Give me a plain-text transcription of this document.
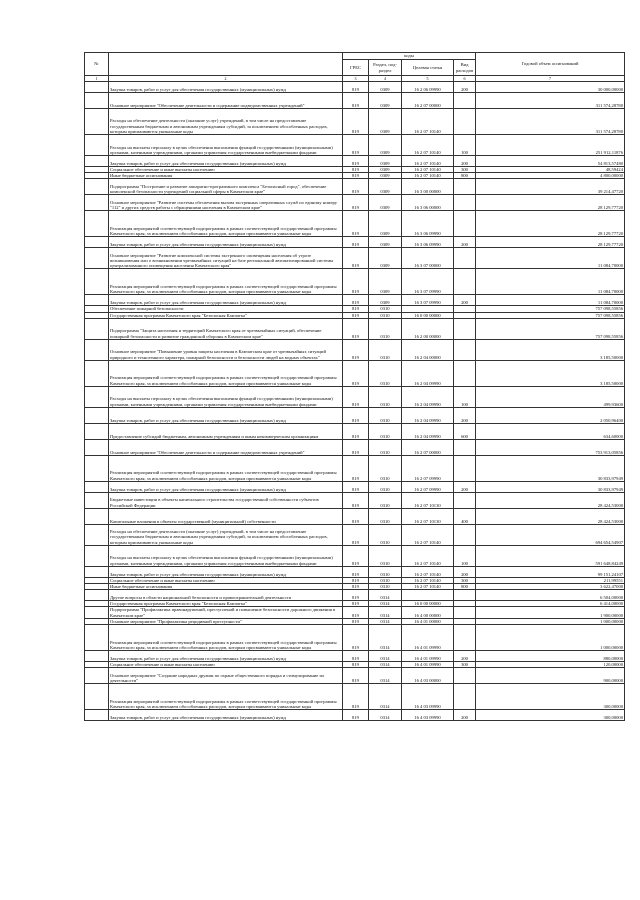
№		коды				Годовой объем ассигнований
		ГРБС	Раздел, под-раздел	Целевая статья	Вид расходов	
1	2	3	4	5	6	7
	Закупка товаров, работ и услуг для обеспечения государственных (муниципальных) нужд	819	0309	16 2 06 09990	200	30 000,00000
	Основное мероприятие "Обеспечение деятельности и содержание подведомственных учреждений"	819	0309	16 2 07 00000		311 574,28780
	Расходы на обеспечение деятельности (оказание услуг) учреждений, в том числе на предоставление государственным бюджетным и автономным учреждениям субсидий, за исключением обособленных расходов, которым присваиваются уникальные коды	819	0309	16 2 07 10140		311 574,28780
	Расходы на выплаты персоналу в целях обеспечения выполнения функций государственными (муниципальными) органами, казенными учреждениями, органами управления государственными внебюджетными фондами	819	0309	16 2 07 10140	100	251 912,11876
	Закупка товаров, работ и услуг для обеспечения государственных (муниципальных) нужд	819	0309	16 2 07 10140	200	54 813,57480
	Социальное обеспечение и иные выплаты населению	819	0309	16 2 07 10140	300	48,59424
	Иные бюджетные ассигнования	819	0309	16 2 07 10140	800	4 800,00000
	Подпрограмма "Построение и развитие аппаратно-программного комплекса "Безопасный город", обеспечение комплексной безопасности учреждений социальной сферы в Камчатском крае"	819	0309	16 3 00 00000		39 214,47720
	Основное мероприятие "Развитие системы обеспечения вызова экстренных оперативных служб по единому номеру "112" и других средств работы с обращениями населения в Камчатском крае"	819	0309	16 3 06 00000		28 129,77720
	Реализация мероприятий соответствующей подпрограммы в рамках соответствующей государственной программы Камчатского края, за исключением обособленных расходов, которым присваиваются уникальные коды	819	0309	16 3 06 09990		28 129,77720
	Закупка товаров, работ и услуг для обеспечения государственных (муниципальных) нужд	819	0309	16 3 06 09990	200	28 129,77720
	Основное мероприятие "Развитие комплексной системы экстренного оповещения населения об угрозе возникновения или о возникновении чрезвычайных ситуаций на базе региональной автоматизированной системы централизованного оповещения населения Камчатского края"	819	0309	16 3 07 00000		11 084,70000
	Реализация мероприятий соответствующей подпрограммы в рамках соответствующей государственной программы Камчатского края, за исключением обособленных расходов, которым присваиваются уникальные коды	819	0309	16 3 07 09990		11 084,70000
	Закупка товаров, работ и услуг для обеспечения государственных (муниципальных) нужд	819	0309	16 3 07 09990	200	11 084,70000
	Обеспечение пожарной безопасности	819	0310			757 098,55856
	Государственная программа Камчатского края "Безопасная Камчатка"	819	0310	16 0 00 00000		757 098,55856
	Подпрограмма "Защита населения и территорий Камчатского края от чрезвычайных ситуаций, обеспечение пожарной безопасности и развитие гражданской обороны в Камчатском крае"	819	0310	16 2 00 00000		757 098,55856
	Основное мероприятие "Повышение уровня защиты населения в Камчатском крае от чрезвычайных ситуаций природного и техногенного характера, пожарной безопасности и безопасности людей на водных объектах"	819	0310	16 2 04 00000		3 185,50000
	Реализация мероприятий соответствующей подпрограммы в рамках соответствующей государственной программы Камчатского края, за исключением обособленных расходов, которым присваиваются уникальные коды	819	0310	16 2 04 09990		3 185,50000
	Расходы на выплаты персоналу в целях обеспечения выполнения функций государственными (муниципальными) органами, казенными учреждениями, органами управления государственными внебюджетными фондами	819	0310	16 2 04 09990	100	499,93600
	Закупка товаров, работ и услуг для обеспечения государственных (муниципальных) нужд	819	0310	16 2 04 09990	200	2 050,96400
	Предоставление субсидий бюджетным, автономным учреждениям и иным некоммерческим организациям	819	0310	16 2 04 09990	600	634,60000
	Основное мероприятие "Обеспечение деятельности и содержание подведомственных учреждений"	819	0310	16 2 07 00000		753 913,05856
	Реализация мероприятий соответствующей подпрограммы в рамках соответствующей государственной программы Камчатского края, за исключением обособленных расходов, которым присваиваются уникальные коды	819	0310	16 2 07 09990		30 833,97949
	Закупка товаров, работ и услуг для обеспечения государственных (муниципальных) нужд	819	0310	16 2 07 09990	200	30 833,97949
	Бюджетные инвестиции в объекты капитального строительства государственной собственности субъектов Российской Федерации	819	0310	16 2 07 10130		28 424,53000
	Капитальные вложения в объекты государственной (муниципальной) собственности	819	0310	16 2 07 10130	400	28 424,53000
	Расходы на обеспечение деятельности (оказание услуг) учреждений, в том числе на предоставление государственным бюджетным и автономным учреждениям субсидий, за исключением обособленных расходов, которым присваиваются уникальные коды	819	0310	16 2 07 10140		694 654,54907
	Расходы на выплаты персоналу в целях обеспечения выполнения функций государственными (муниципальными) органами, казенными учреждениями, органами управления государственными внебюджетными фондами	819	0310	16 2 07 10140	100	591 648,84249
	Закупка товаров, работ и услуг для обеспечения государственных (муниципальных) нужд	819	0310	16 2 07 10140	200	99 151,24107
	Социальное обеспечение и иные выплаты населению	819	0310	16 2 07 10140	300	211,99551
	Иные бюджетные ассигнования	819	0310	16 2 07 10140	800	3 622,47000
	Другие вопросы в области национальной безопасности и правоохранительной деятельности	819	0314			6 504,00000
	Государственная программа Камчатского края "Безопасная Камчатка"	819	0314	16 0 00 00000		6 414,00000
	Подпрограмма "Профилактика правонарушений, преступлений и повышение безопасности дорожного движения в Камчатском крае"	819	0314	16 4 00 00000		1 900,00000
	Основное мероприятие "Профилактика рецидивной преступности"	819	0314	16 4 01 00000		1 000,00000
	Реализация мероприятий соответствующей подпрограммы в рамках соответствующей государственной программы Камчатского края, за исключением обособленных расходов, которым присваиваются уникальные коды	819	0314	16 4 01 09990		1 000,00000
	Закупка товаров, работ и услуг для обеспечения государственных (муниципальных) нужд	819	0314	16 4 01 09990	200	880,00000
	Социальное обеспечение и иные выплаты населению	819	0314	16 4 01 09990	300	120,00000
	Основное мероприятие "Создание народных дружин по охране общественного порядка и стимулирование их деятельности"	819	0314	16 4 03 00000		900,00000
	Реализация мероприятий соответствующей подпрограммы в рамках соответствующей государственной программы Камчатского края, за исключением обособленных расходов, которым присваиваются уникальные коды	819	0314	16 4 03 09990		300,00000
	Закупка товаров, работ и услуг для обеспечения государственных (муниципальных) нужд	819	0314	16 4 03 09990	200	300,00000
